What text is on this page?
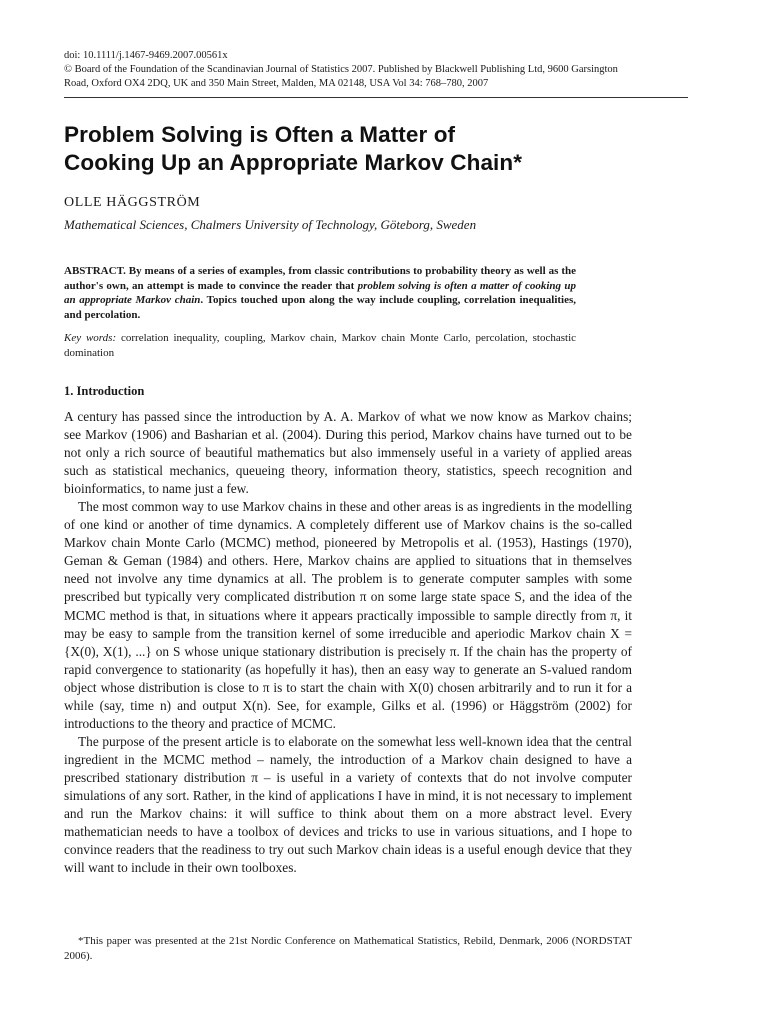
doi: 10.1111/j.1467-9469.2007.00561x
© Board of the Foundation of the Scandinavian Journal of Statistics 2007. Published by Blackwell Publishing Ltd, 9600 Garsington
Road, Oxford OX4 2DQ, UK and 350 Main Street, Malden, MA 02148, USA Vol 34: 768–780, 2007
Problem Solving is Often a Matter of
Cooking Up an Appropriate Markov Chain*
OLLE HÄGGSTRÖM
Mathematical Sciences, Chalmers University of Technology, Göteborg, Sweden
ABSTRACT. By means of a series of examples, from classic contributions to probability theory as well as the author's own, an attempt is made to convince the reader that problem solving is often a matter of cooking up an appropriate Markov chain. Topics touched upon along the way include coupling, correlation inequalities, and percolation.
Key words: correlation inequality, coupling, Markov chain, Markov chain Monte Carlo, percolation, stochastic domination
1. Introduction

A century has passed since the introduction by A. A. Markov of what we now know as Markov chains; see Markov (1906) and Basharian et al. (2004). During this period, Markov chains have turned out to be not only a rich source of beautiful mathematics but also immensely useful in a variety of applied areas such as statistical mechanics, queueing theory, information theory, statistics, speech recognition and bioinformatics, to name just a few.

The most common way to use Markov chains in these and other areas is as ingredients in the modelling of one kind or another of time dynamics. A completely different use of Markov chains is the so-called Markov chain Monte Carlo (MCMC) method, pioneered by Metropolis et al. (1953), Hastings (1970), Geman & Geman (1984) and others. Here, Markov chains are applied to situations that in themselves need not involve any time dynamics at all. The problem is to generate computer samples with some prescribed but typically very complicated distribution π on some large state space S, and the idea of the MCMC method is that, in situations where it appears practically impossible to sample directly from π, it may be easy to sample from the transition kernel of some irreducible and aperiodic Markov chain X = {X(0), X(1), ...} on S whose unique stationary distribution is precisely π. If the chain has the property of rapid convergence to stationarity (as hopefully it has), then an easy way to generate an S-valued random object whose distribution is close to π is to start the chain with X(0) chosen arbitrarily and to run it for a while (say, time n) and output X(n). See, for example, Gilks et al. (1996) or Häggström (2002) for introductions to the theory and practice of MCMC.

The purpose of the present article is to elaborate on the somewhat less well-known idea that the central ingredient in the MCMC method – namely, the introduction of a Markov chain designed to have a prescribed stationary distribution π – is useful in a variety of contexts that do not involve computer simulations of any sort. Rather, in the kind of applications I have in mind, it is not necessary to implement and run the Markov chains: it will suffice to think about them on a more abstract level. Every mathematician needs to have a toolbox of devices and tricks to use in various situations, and I hope to convince readers that the readiness to try out such Markov chain ideas is a useful enough device that they will want to include in their own toolboxes.

*This paper was presented at the 21st Nordic Conference on Mathematical Statistics, Rebild, Denmark, 2006 (NORDSTAT 2006).
